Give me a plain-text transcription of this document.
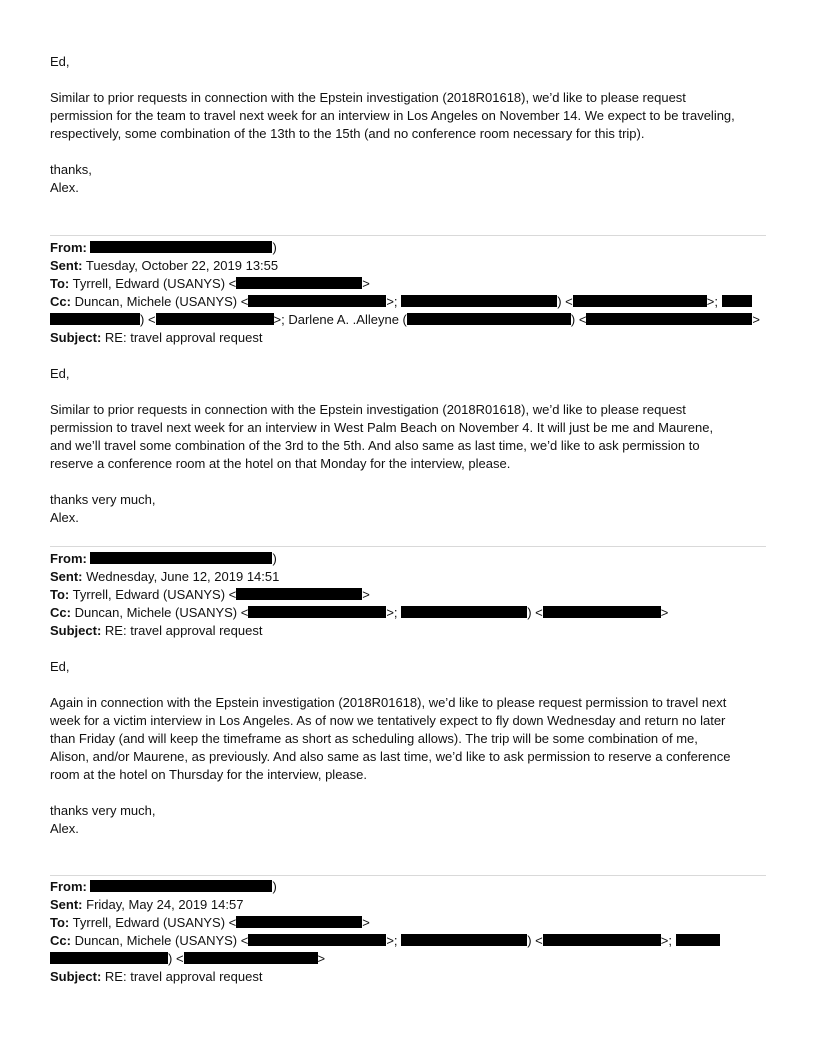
Ed,
Similar to prior requests in connection with the Epstein investigation (2018R01618), we’d like to please request
permission for the team to travel next week for an interview in Los Angeles on November 14. We expect to be traveling,
respectively, some combination of the 13th to the 15th (and no conference room necessary for this trip).
thanks,
Alex.
From:	)
Sent: Tuesday, October 22, 2019 13:55
To: Tyrrell, Edward (USANYS) <	>
Cc: Duncan, Michele (USANYS) <	>;	) <	>;
) <	>; Darlene A. .Alleyne (	) <	>
Subject: RE: travel approval request
Ed,
Similar to prior requests in connection with the Epstein investigation (2018R01618), we’d like to please request
permission to travel next week for an interview in West Palm Beach on November 4. It will just be me and Maurene,
and we’ll travel some combination of the 3rd to the 5th. And also same as last time, we’d like to ask permission to
reserve a conference room at the hotel on that Monday for the interview, please.
thanks very much,
Alex.
From:	)
Sent: Wednesday, June 12, 2019 14:51
To: Tyrrell, Edward (USANYS) <	>
Cc: Duncan, Michele (USANYS) <	>;	) <	>
Subject: RE: travel approval request
Ed,
Again in connection with the Epstein investigation (2018R01618), we’d like to please request permission to travel next
week for a victim interview in Los Angeles. As of now we tentatively expect to fly down Wednesday and return no later
than Friday (and will keep the timeframe as short as scheduling allows). The trip will be some combination of me,
Alison, and/or Maurene, as previously. And also same as last time, we’d like to ask permission to reserve a conference
room at the hotel on Thursday for the interview, please.
thanks very much,
Alex.
From:	)
Sent: Friday, May 24, 2019 14:57
To: Tyrrell, Edward (USANYS) <	>
Cc: Duncan, Michele (USANYS) <	>;	) <	>;
) <	>
Subject: RE: travel approval request
